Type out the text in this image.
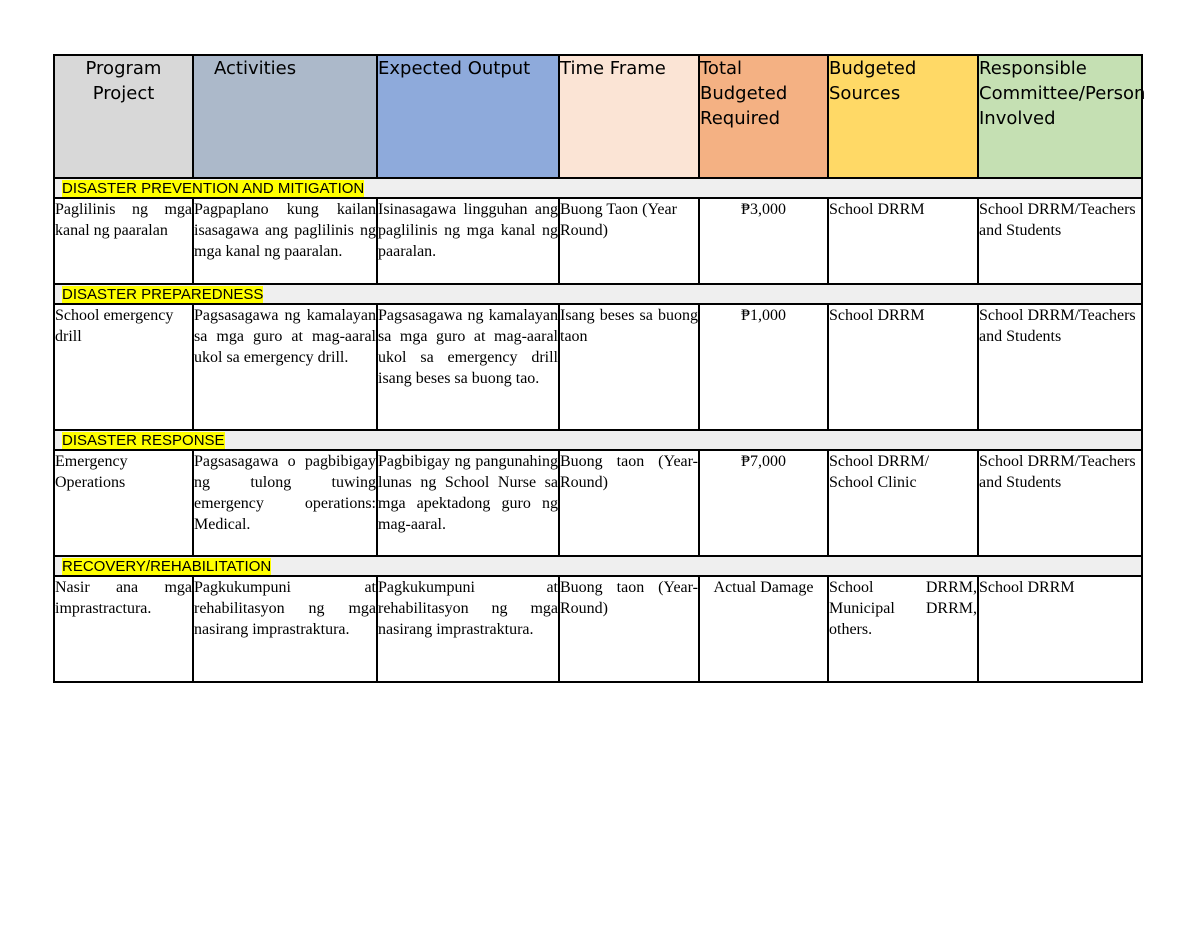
Program Project	Activities	Expected Output	Time Frame	Total Budgeted Required	Budgeted Sources	Responsible Committee/Person Involved
DISASTER PREVENTION AND MITIGATION						
Paglilinis ng mga kanal ng paaralan	Pagpaplano kung kailan isasagawa ang paglilinis ng mga kanal ng paaralan.	Isinasagawa lingguhan ang paglilinis ng mga kanal ng paaralan.	Buong Taon (Year Round)	₱3,000	School DRRM	School DRRM/Teachers and Students
DISASTER PREPAREDNESS						
School emergency drill	Pagsasagawa ng kamalayan sa mga guro at mag-aaral ukol sa emergency drill.	Pagsasagawa ng kamalayan sa mga guro at mag-aaral ukol sa emergency drill isang beses sa buong tao.	Isang beses sa buong taon	₱1,000	School DRRM	School DRRM/Teachers and Students
DISASTER RESPONSE						
Emergency Operations	Pagsasagawa o pagbibigay ng tulong tuwing emergency operations: Medical.	Pagbibigay ng pangunahing lunas ng School Nurse sa mga apektadong guro ng mag-aaral.	Buong taon (Year-Round)	₱7,000	School DRRM/ School Clinic	School DRRM/Teachers and Students
RECOVERY/REHABILITATION						
Nasir ana mga imprastractura.	Pagkukumpuni at rehabilitasyon ng mga nasirang imprastraktura.	Pagkukumpuni at rehabilitasyon ng mga nasirang imprastraktura.	Buong taon (Year-Round)	Actual Damage	School DRRM, Municipal DRRM, others.	School DRRM
